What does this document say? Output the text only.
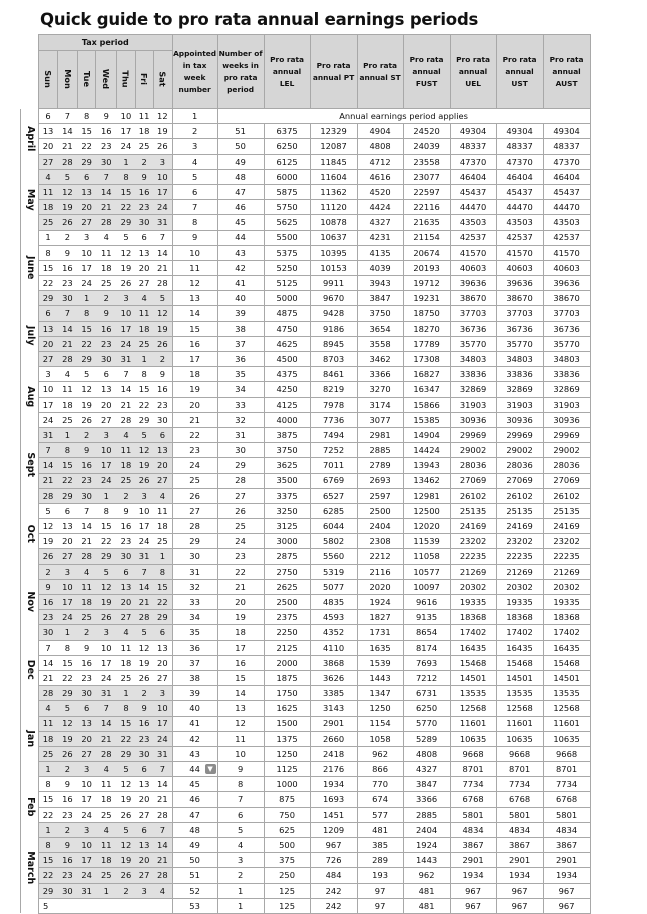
Quick guide to pro rata annual earnings periods
	Tax period							Appointed in tax week number	Number of weeks in pro rata period	Pro rata annual LEL	Pro rata annual PT	Pro rata annual ST	Pro rata annual FUST	Pro rata annual UEL	Pro rata annual UST	Pro rata annual AUST
	Sun	Mon	Tue	Wed	Thu	Fri	Sat									

April	6	7	8	9	10	11	12	1	Annual earnings period applies							
	13	14	15	16	17	18	19	2	51	6375	12329	4904	24520	49304	49304	49304
	20	21	22	23	24	25	26	3	50	6250	12087	4808	24039	48337	48337	48337
	27	28	29	30	1	2	3	4	49	6125	11845	4712	23558	47370	47370	47370

May	4	5	6	7	8	9	10	5	48	6000	11604	4616	23077	46404	46404	46404
	11	12	13	14	15	16	17	6	47	5875	11362	4520	22597	45437	45437	45437
	18	19	20	21	22	23	24	7	46	5750	11120	4424	22116	44470	44470	44470
	25	26	27	28	29	30	31	8	45	5625	10878	4327	21635	43503	43503	43503

June	1	2	3	4	5	6	7	9	44	5500	10637	4231	21154	42537	42537	42537
	8	9	10	11	12	13	14	10	43	5375	10395	4135	20674	41570	41570	41570
	15	16	17	18	19	20	21	11	42	5250	10153	4039	20193	40603	40603	40603
	22	23	24	25	26	27	28	12	41	5125	9911	3943	19712	39636	39636	39636
	29	30	1	2	3	4	5	13	40	5000	9670	3847	19231	38670	38670	38670

July	6	7	8	9	10	11	12	14	39	4875	9428	3750	18750	37703	37703	37703
	13	14	15	16	17	18	19	15	38	4750	9186	3654	18270	36736	36736	36736
	20	21	22	23	24	25	26	16	37	4625	8945	3558	17789	35770	35770	35770
	27	28	29	30	31	1	2	17	36	4500	8703	3462	17308	34803	34803	34803

Aug	3	4	5	6	7	8	9	18	35	4375	8461	3366	16827	33836	33836	33836
	10	11	12	13	14	15	16	19	34	4250	8219	3270	16347	32869	32869	32869
	17	18	19	20	21	22	23	20	33	4125	7978	3174	15866	31903	31903	31903
	24	25	26	27	28	29	30	21	32	4000	7736	3077	15385	30936	30936	30936

Sept	31	1	2	3	4	5	6	22	31	3875	7494	2981	14904	29969	29969	29969
	7	8	9	10	11	12	13	23	30	3750	7252	2885	14424	29002	29002	29002
	14	15	16	17	18	19	20	24	29	3625	7011	2789	13943	28036	28036	28036
	21	22	23	24	25	26	27	25	28	3500	6769	2693	13462	27069	27069	27069
	28	29	30	1	2	3	4	26	27	3375	6527	2597	12981	26102	26102	26102

Oct	5	6	7	8	9	10	11	27	26	3250	6285	2500	12500	25135	25135	25135
	12	13	14	15	16	17	18	28	25	3125	6044	2404	12020	24169	24169	24169
	19	20	21	22	23	24	25	29	24	3000	5802	2308	11539	23202	23202	23202
	26	27	28	29	30	31	1	30	23	2875	5560	2212	11058	22235	22235	22235

Nov	2	3	4	5	6	7	8	31	22	2750	5319	2116	10577	21269	21269	21269
	9	10	11	12	13	14	15	32	21	2625	5077	2020	10097	20302	20302	20302
	16	17	18	19	20	21	22	33	20	2500	4835	1924	9616	19335	19335	19335
	23	24	25	26	27	28	29	34	19	2375	4593	1827	9135	18368	18368	18368
	30	1	2	3	4	5	6	35	18	2250	4352	1731	8654	17402	17402	17402

Dec	7	8	9	10	11	12	13	36	17	2125	4110	1635	8174	16435	16435	16435
	14	15	16	17	18	19	20	37	16	2000	3868	1539	7693	15468	15468	15468
	21	22	23	24	25	26	27	38	15	1875	3626	1443	7212	14501	14501	14501
	28	29	30	31	1	2	3	39	14	1750	3385	1347	6731	13535	13535	13535

Jan	4	5	6	7	8	9	10	40	13	1625	3143	1250	6250	12568	12568	12568
	11	12	13	14	15	16	17	41	12	1500	2901	1154	5770	11601	11601	11601
	18	19	20	21	22	23	24	42	11	1375	2660	1058	5289	10635	10635	10635
	25	26	27	28	29	30	31	43	10	1250	2418	962	4808	9668	9668	9668
	1	2	3	4	5	6	7	44 ▼	9	1125	2176	866	4327	8701	8701	8701

Feb	8	9	10	11	12	13	14	45	8	1000	1934	770	3847	7734	7734	7734
	15	16	17	18	19	20	21	46	7	875	1693	674	3366	6768	6768	6768
	22	23	24	25	26	27	28	47	6	750	1451	577	2885	5801	5801	5801
	1	2	3	4	5	6	7	48	5	625	1209	481	2404	4834	4834	4834

March	8	9	10	11	12	13	14	49	4	500	967	385	1924	3867	3867	3867
	15	16	17	18	19	20	21	50	3	375	726	289	1443	2901	2901	2901
	22	23	24	25	26	27	28	51	2	250	484	193	962	1934	1934	1934
	29	30	31	1	2	3	4	52	1	125	242	97	481	967	967	967
	5							53	1	125	242	97	481	967	967	967
